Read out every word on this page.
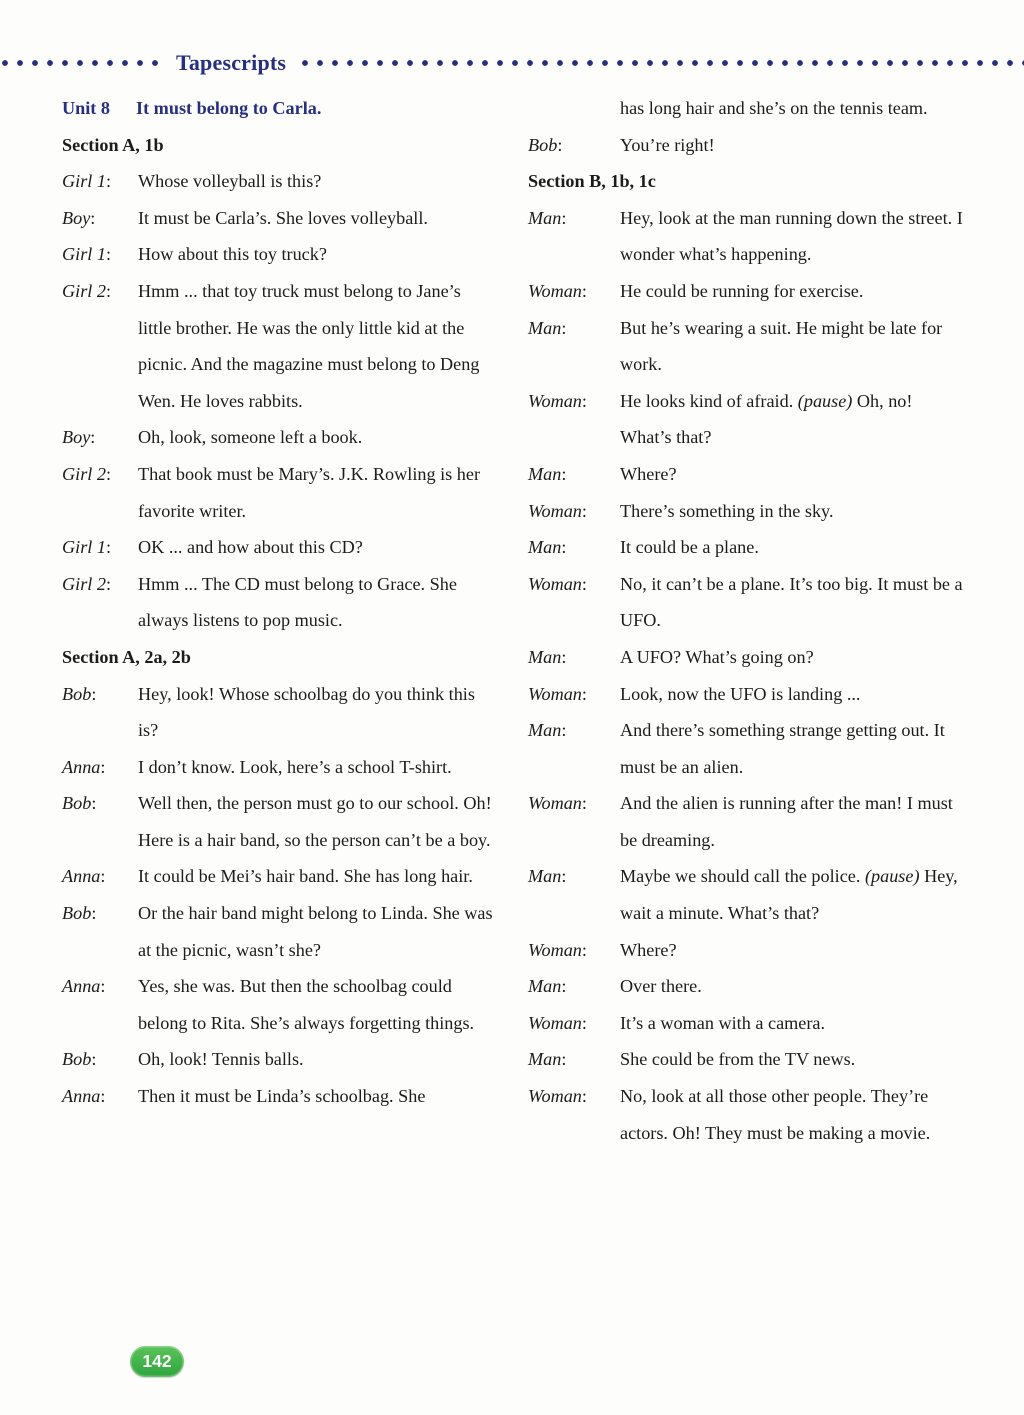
Tapescripts
Unit 8 It must belong to Carla.
Section A, 1b
Girl 1:	Whose volleyball is this?
Boy:	It must be Carla’s. She loves volleyball.
Girl 1:	How about this toy truck?
Girl 2:	Hmm ... that toy truck must belong to Jane’s little brother. He was the only little kid at the picnic. And the magazine must belong to Deng Wen. He loves rabbits.
Boy:	Oh, look, someone left a book.
Girl 2:	That book must be Mary’s. J.K. Rowling is her favorite writer.
Girl 1:	OK ... and how about this CD?
Girl 2:	Hmm ... The CD must belong to Grace. She always listens to pop music.
Section A, 2a, 2b
Bob:	Hey, look! Whose schoolbag do you think this is?
Anna:	I don’t know. Look, here’s a school T-shirt.
Bob:	Well then, the person must go to our school. Oh! Here is a hair band, so the person can’t be a boy.
Anna:	It could be Mei’s hair band. She has long hair.
Bob:	Or the hair band might belong to Linda. She was at the picnic, wasn’t she?
Anna:	Yes, she was. But then the schoolbag could belong to Rita. She’s always forgetting things.
Bob:	Oh, look! Tennis balls.
Anna:	Then it must be Linda’s schoolbag. She
has long hair and she’s on the tennis team.
Bob:	You’re right!
Section B, 1b, 1c
Man:	Hey, look at the man running down the street. I wonder what’s happening.
Woman:	He could be running for exercise.
Man:	But he’s wearing a suit. He might be late for work.
Woman:	He looks kind of afraid. (pause) Oh, no! What’s that?
Man:	Where?
Woman:	There’s something in the sky.
Man:	It could be a plane.
Woman:	No, it can’t be a plane. It’s too big. It must be a UFO.
Man:	A UFO? What’s going on?
Woman:	Look, now the UFO is landing ...
Man:	And there’s something strange getting out. It must be an alien.
Woman:	And the alien is running after the man! I must be dreaming.
Man:	Maybe we should call the police. (pause) Hey, wait a minute. What’s that?
Woman:	Where?
Man:	Over there.
Woman:	It’s a woman with a camera.
Man:	She could be from the TV news.
Woman:	No, look at all those other people. They’re actors. Oh! They must be making a movie.
142
